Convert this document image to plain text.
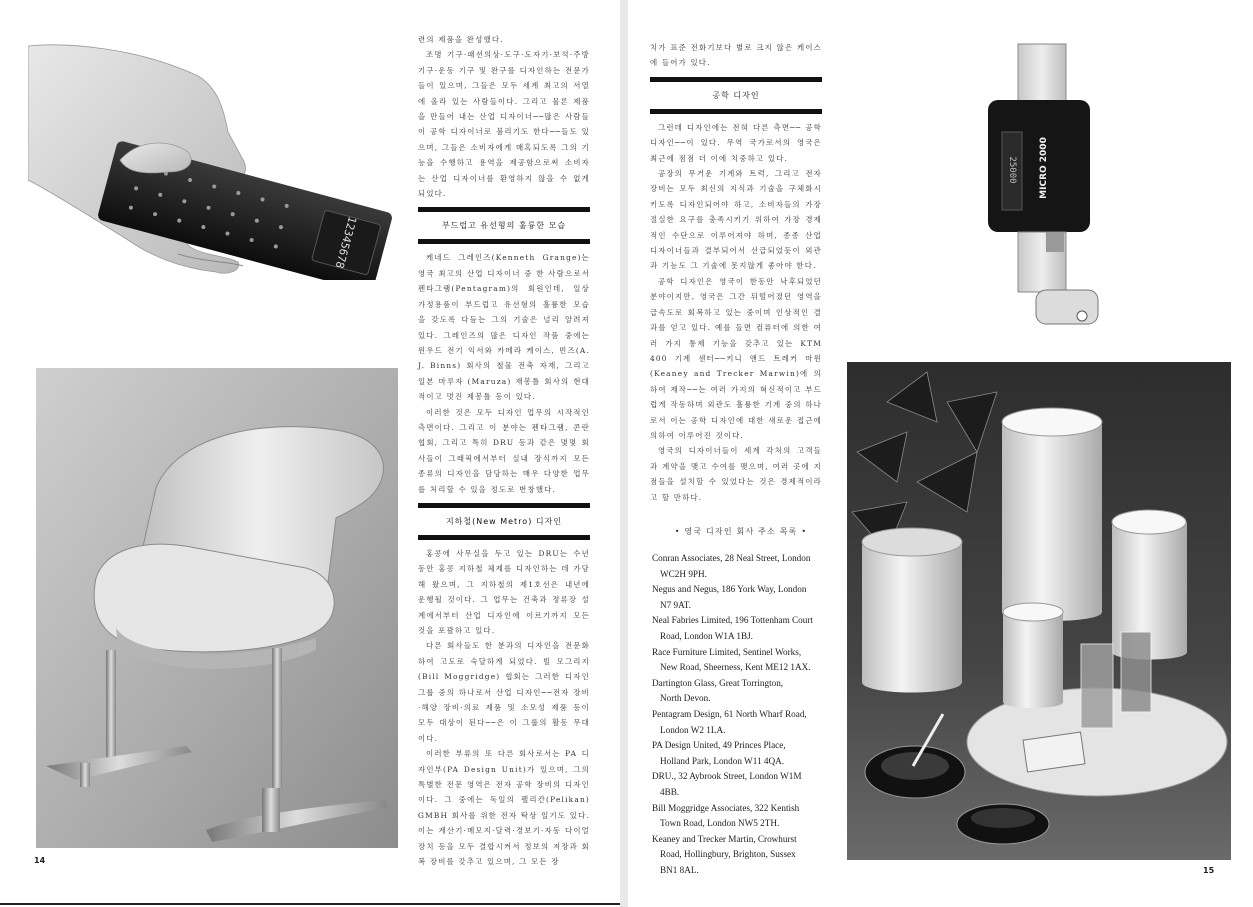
12345678

련의 제품을 완성했다.

조명 기구·패션의상·도구·도자기·보석·주방 기구·운동 기구 및 완구를 디자인하는 전문가들이 있으며, 그들은 모두 세계 최고의 서열에 올라 있는 사람들이다. 그리고 물론 제품을 만들어 내는 산업 디자이너──많은 사람들이 공학 디자이너로 불리기도 한다──들도 있으며, 그들은 소비자에게 매혹되도록 그의 기능을 수행하고 용역을 제공함으로써 소비자는 산업 디자이너를 환영하지 않을 수 없게 되었다.

부드럽고 유선형의 훌륭한 모습

케네드 그레인즈(Kenneth Grange)는 영국 최고의 산업 디자이너 중 한 사람으로서 펜타그램(Pentagram)의 회원인데, 일상 가정용품이 부드럽고 유선형의 훌륭한 모습을 갖도록 다듬는 그의 기술은 널리 알려져 있다. 그레인즈의 많은 디자인 작품 중에는 윈우드 전기 익서와 카메라 케이스, 빈즈(A. J. Binns) 회사의 철물 전축 자재, 그리고 일본 마루자 (Maruza) 재봉틀 회사의 현대적이고 멋진 제봉틀 등이 있다.

이러한 것은 모두 디자인 업무의 시작적인 측면이다. 그리고 이 분야는 펜타그램, 콘란협회, 그리고 특히 DRU 등과 같은 몇몇 회사들이 그래픽에서부터 실내 장식까지 모든 종류의 디자인을 담당하는 매우 다양한 업무를 처리할 수 있을 정도로 번창했다.

지하철(New Metro) 디자인

홍콩에 사무실을 두고 있는 DRU는 수년 동안 홍콩 지하철 체제를 디자인하는 데 가담해 왔으며, 그 지하철의 제1호선은 내년에 운행될 것이다. 그 업무는 건축과 정류장 설계에서부터 산업 디자인에 이르기까지 모든 것을 포괄하고 있다.

다른 회사들도 한 분과의 디자인을 전문화하여 고도로 숙달하게 되었다. 빌 모그리지(Bill Moggridge) 협회는 그러한 디자인 그룹 중의 하나로서 산업 디자인──전자 장비·해양 장비·의료 제품 및 소모성 제품 등이 모두 대상이 된다──은 이 그룹의 활동 무대이다.

이러한 부류의 또 다른 회사로서는 PA 디자인부(PA Design Unit)가 있으며, 그의 특별한 전문 영역은 전자 공학 장비의 디자인이다. 그 중에는 독일의 펠리칸(Pelikan) GMBH 회사를 위한 전자 탁상 일기도 있다. 이는 계산기·메모지·달력·경보기·자동 다이얼 장치 등을 모두 결합시켜서 정보의 저장과 회복 장비를 갖추고 있으며, 그 모든 장

14

치가 표준 전화기보다 별로 크지 않은 케이스에 들어가 있다.

공학 디자인

그런데 디자인에는 전혀 다른 측면── 공학 디자인──이 있다. 무역 국가로서의 영국은 최근에 점점 더 이에 치중하고 있다.

공장의 무거운 기계와 트럭, 그리고 전자 장비는 모두 최신의 지식과 기술을 구체화시키도록 디자인되어야 하고, 소비자들의 가장 절실한 요구를 충족시키기 위하여 가장 경제적인 수단으로 이루어져야 하며, 종종 산업 디자이너들과 결부되어서 선급되었듯이 외관과 기능도 그 기술에 못지않게 좋아야 한다.

공학 디자인은 영국이 한동안 낙후되었던 분야이지만, 영국은 그간 뒤떨어졌던 영역을 급속도로 회복하고 있는 중이며 인상적인 결과를 얻고 있다. 예를 들면 컴퓨터에 의한 여러 가지 통제 기능을 갖추고 있는 KTM 400 기계 센터──키니 앤드 트레커 마윈(Keaney and Trecker Marwin)에 의하여 제작──는 여러 가지의 혁신적이고 부드럽게 작동하며 외관도 훌륭한 기계 중의 하나로서 이는 공학 디자인에 대한 새로운 접근에 의하여 이루어진 것이다.

영국의 디자이너들이 세계 각처의 고객들과 계약을 맺고 수여를 맺으며, 여러 곳에 지점들을 설치할 수 있었다는 것은 경제적이라고 할 만하다.

• 영국 디자인 회사 주소 목록 •

Conran Associates, 28 Neal Street, London
WC2H 9PH.

Negus and Negus, 186 York Way, London
N7 9AT.

Neal Fabries Limited, 196 Tottenham Court
Road, London W1A 1BJ.

Race Furniture Limited, Sentinel Works,
New Road, Sheerness, Kent ME12 1AX.

Dartington Glass, Great Torrington,
North Devon.

Pentagram Design, 61 North Wharf Road,
London W2 1LA.

PA Design United, 49 Princes Place,
Holland Park, London W11 4QA.

DRU., 32 Aybrook Street, London W1M
4BB.

Bill Moggridge Associates, 322 Kentish
Town Road, London NW5 2TH.

Keaney and Trecker Martin, Crowhurst
Road, Hollingbury, Brighton, Sussex

BN1 8AL.

25000 MICRO 2000
15
